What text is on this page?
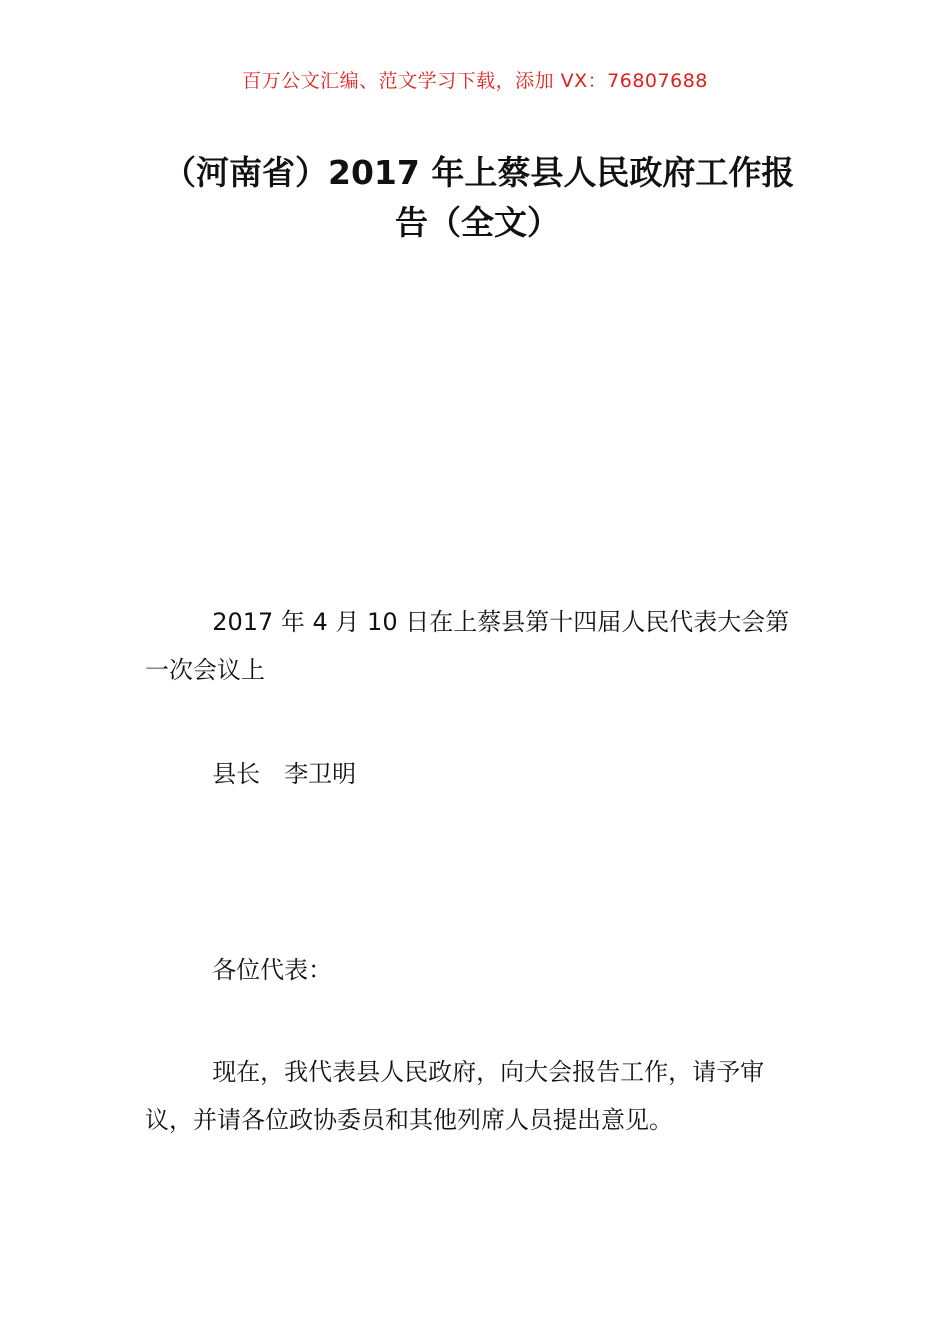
百万公文汇编、范文学习下载，添加 VX：76807688
（河南省）2017 年上蔡县人民政府工作报
告（全文）

2017 年 4 月 10 日在上蔡县第十四届人民代表大会第一次会议上

县长 李卫明

各位代表：

现在，我代表县人民政府，向大会报告工作，请予审议，并请各位政协委员和其他列席人员提出意见。
